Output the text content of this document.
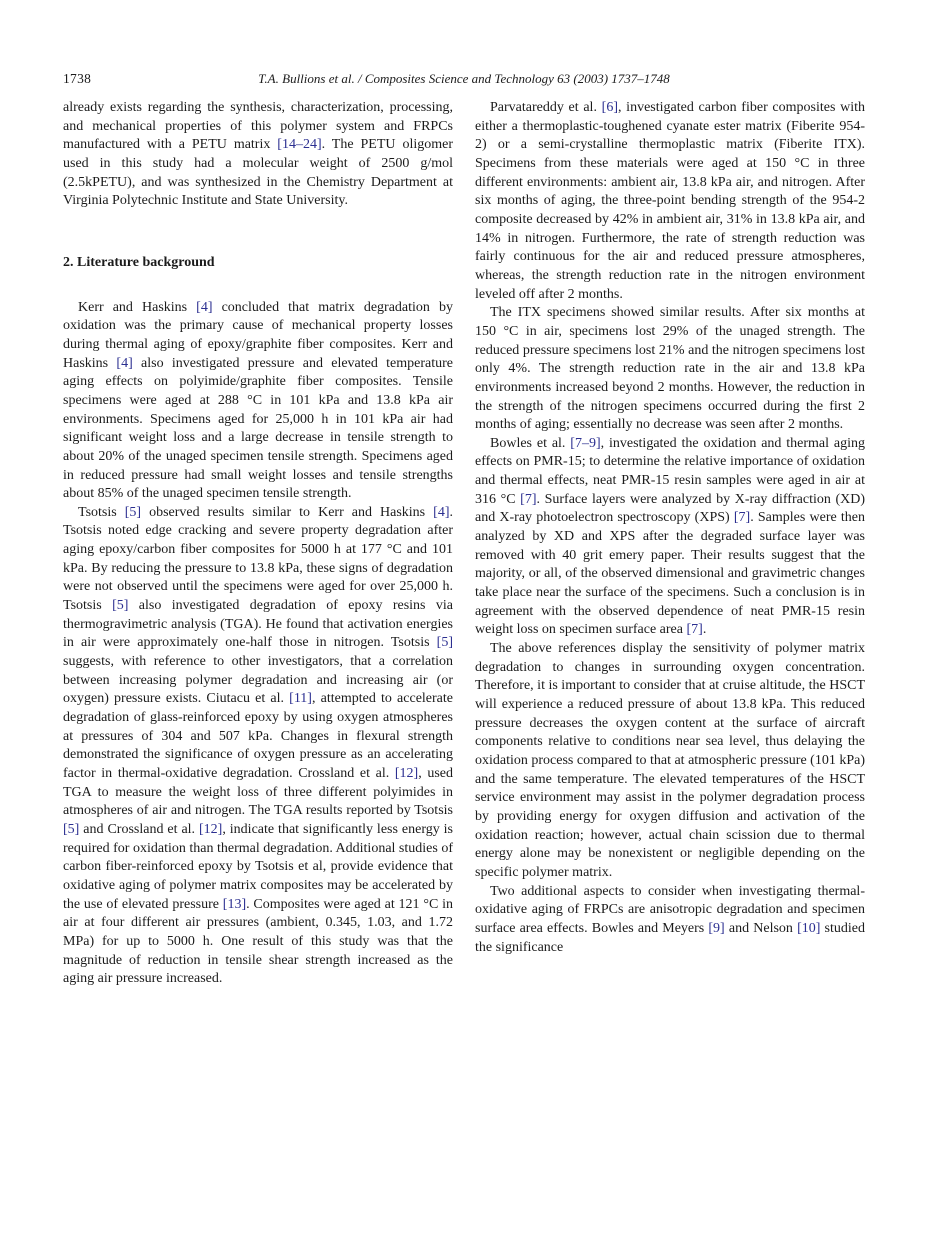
1738	T.A. Bullions et al. / Composites Science and Technology 63 (2003) 1737–1748

already exists regarding the synthesis, characterization, processing, and mechanical properties of this polymer system and FRPCs manufactured with a PETU matrix [14–24]. The PETU oligomer used in this study had a molecular weight of 2500 g/mol (2.5kPETU), and was synthesized in the Chemistry Department at Virginia Polytechnic Institute and State University.

2. Literature background

Kerr and Haskins [4] concluded that matrix degradation by oxidation was the primary cause of mechanical property losses during thermal aging of epoxy/graphite fiber composites. Kerr and Haskins [4] also investigated pressure and elevated temperature aging effects on polyimide/graphite fiber composites. Tensile specimens were aged at 288 °C in 101 kPa and 13.8 kPa air environments. Specimens aged for 25,000 h in 101 kPa air had significant weight loss and a large decrease in tensile strength to about 20% of the unaged specimen tensile strength. Specimens aged in reduced pressure had small weight losses and tensile strengths about 85% of the unaged specimen tensile strength.

Tsotsis [5] observed results similar to Kerr and Haskins [4]. Tsotsis noted edge cracking and severe property degradation after aging epoxy/carbon fiber composites for 5000 h at 177 °C and 101 kPa. By reducing the pressure to 13.8 kPa, these signs of degradation were not observed until the specimens were aged for over 25,000 h. Tsotsis [5] also investigated degradation of epoxy resins via thermogravimetric analysis (TGA). He found that activation energies in air were approximately one-half those in nitrogen. Tsotsis [5] suggests, with reference to other investigators, that a correlation between increasing polymer degradation and increasing air (or oxygen) pressure exists. Ciutacu et al. [11], attempted to accelerate degradation of glass-reinforced epoxy by using oxygen atmospheres at pressures of 304 and 507 kPa. Changes in flexural strength demonstrated the significance of oxygen pressure as an accelerating factor in thermal-oxidative degradation. Crossland et al. [12], used TGA to measure the weight loss of three different polyimides in atmospheres of air and nitrogen. The TGA results reported by Tsotsis [5] and Crossland et al. [12], indicate that significantly less energy is required for oxidation than thermal degradation. Additional studies of carbon fiber-reinforced epoxy by Tsotsis et al, provide evidence that oxidative aging of polymer matrix composites may be accelerated by the use of elevated pressure [13]. Composites were aged at 121 °C in air at four different air pressures (ambient, 0.345, 1.03, and 1.72 MPa) for up to 5000 h. One result of this study was that the magnitude of reduction in tensile shear strength increased as the aging air pressure increased.

Parvatareddy et al. [6], investigated carbon fiber composites with either a thermoplastic-toughened cyanate ester matrix (Fiberite 954-2) or a semi-crystalline thermoplastic matrix (Fiberite ITX). Specimens from these materials were aged at 150 °C in three different environments: ambient air, 13.8 kPa air, and nitrogen. After six months of aging, the three-point bending strength of the 954-2 composite decreased by 42% in ambient air, 31% in 13.8 kPa air, and 14% in nitrogen. Furthermore, the rate of strength reduction was fairly continuous for the air and reduced pressure atmospheres, whereas, the strength reduction rate in the nitrogen environment leveled off after 2 months.

The ITX specimens showed similar results. After six months at 150 °C in air, specimens lost 29% of the unaged strength. The reduced pressure specimens lost 21% and the nitrogen specimens lost only 4%. The strength reduction rate in the air and 13.8 kPa environments increased beyond 2 months. However, the reduction in the strength of the nitrogen specimens occurred during the first 2 months of aging; essentially no decrease was seen after 2 months.

Bowles et al. [7–9], investigated the oxidation and thermal aging effects on PMR-15; to determine the relative importance of oxidation and thermal effects, neat PMR-15 resin samples were aged in air at 316 °C [7]. Surface layers were analyzed by X-ray diffraction (XD) and X-ray photoelectron spectroscopy (XPS) [7]. Samples were then analyzed by XD and XPS after the degraded surface layer was removed with 40 grit emery paper. Their results suggest that the majority, or all, of the observed dimensional and gravimetric changes take place near the surface of the specimens. Such a conclusion is in agreement with the observed dependence of neat PMR-15 resin weight loss on specimen surface area [7].

The above references display the sensitivity of polymer matrix degradation to changes in surrounding oxygen concentration. Therefore, it is important to consider that at cruise altitude, the HSCT will experience a reduced pressure of about 13.8 kPa. This reduced pressure decreases the oxygen content at the surface of aircraft components relative to conditions near sea level, thus delaying the oxidation process compared to that at atmospheric pressure (101 kPa) and the same temperature. The elevated temperatures of the HSCT service environment may assist in the polymer degradation process by providing energy for oxygen diffusion and activation of the oxidation reaction; however, actual chain scission due to thermal energy alone may be nonexistent or negligible depending on the specific polymer matrix.

Two additional aspects to consider when investigating thermal-oxidative aging of FRPCs are anisotropic degradation and specimen surface area effects. Bowles and Meyers [9] and Nelson [10] studied the significance
